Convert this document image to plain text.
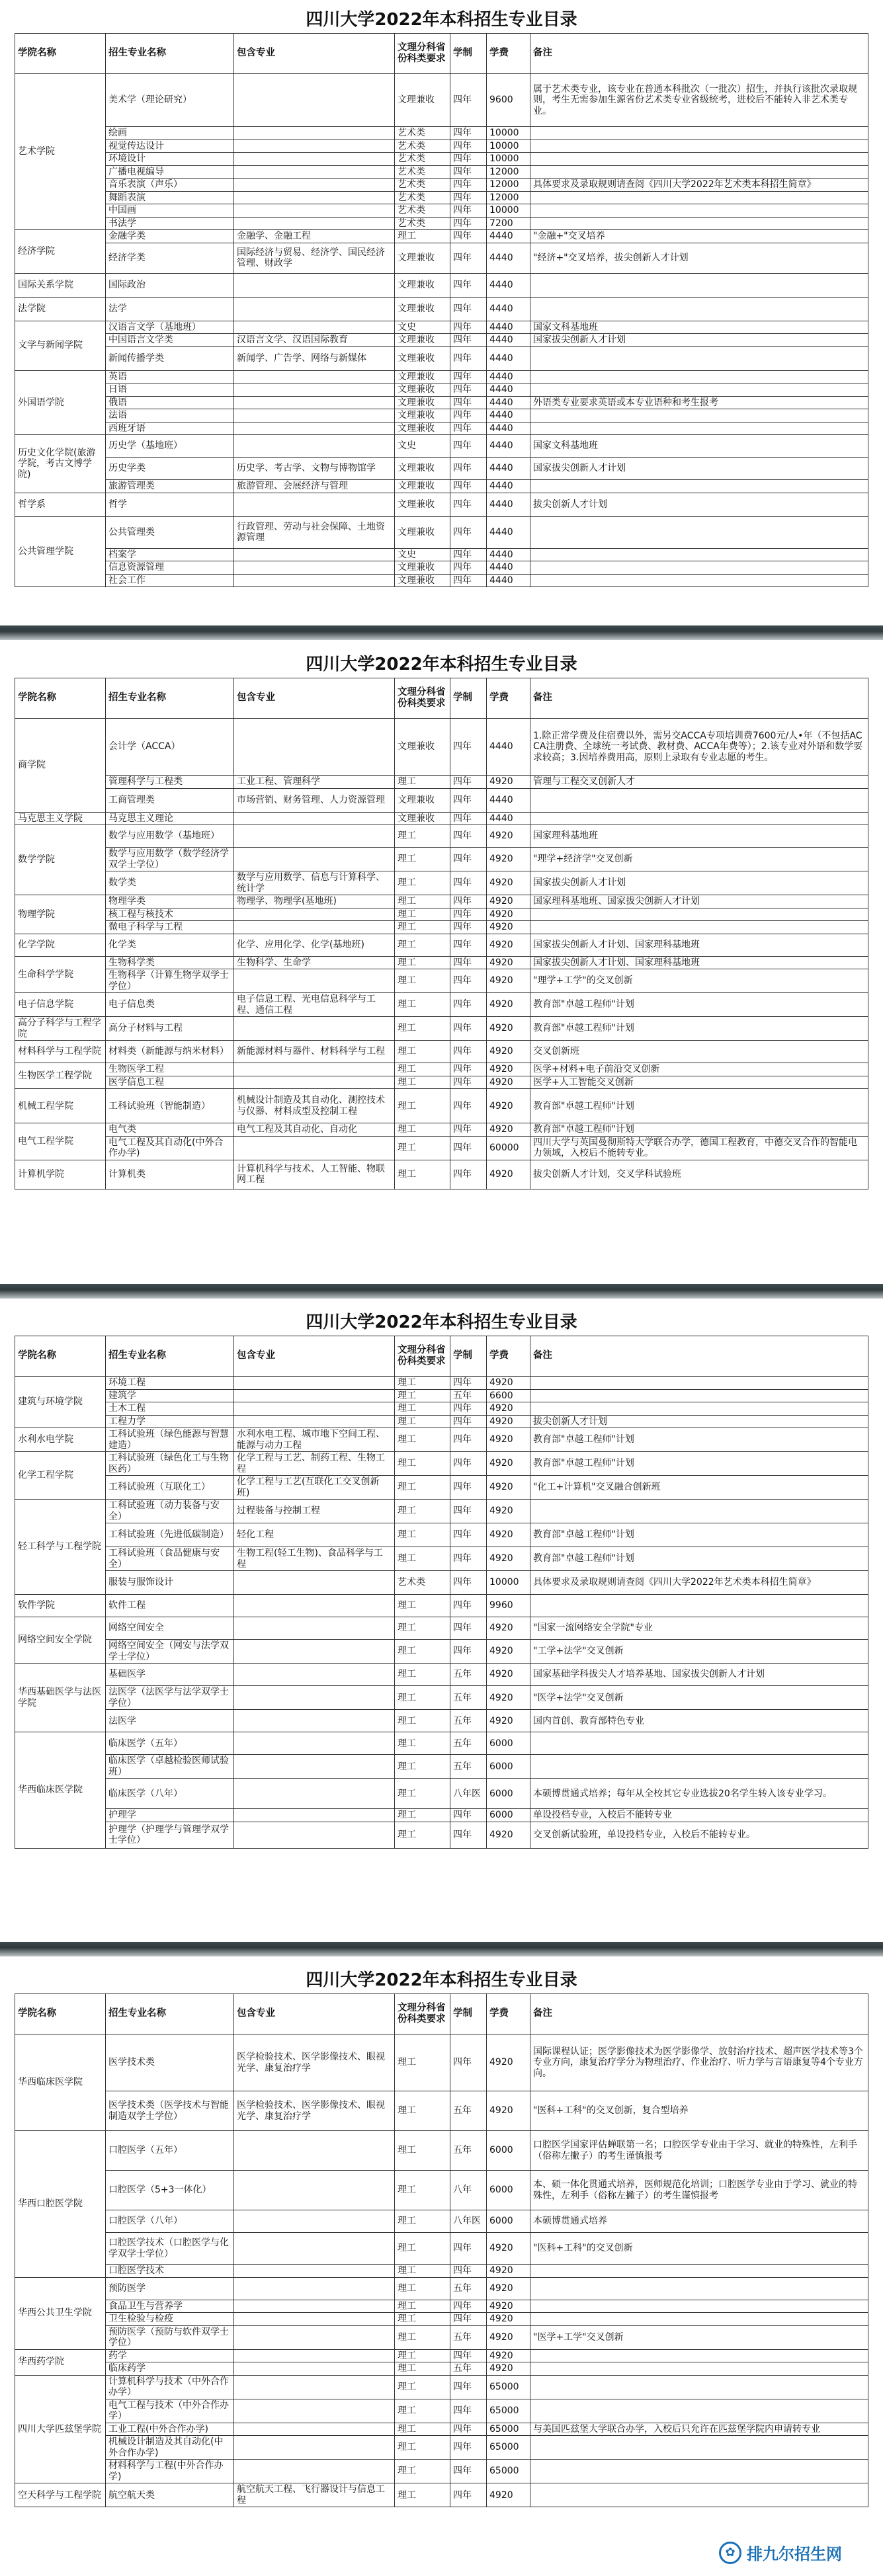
四川大学2022年本科招生专业目录
学院名称	招生专业名称	包含专业	文理分科省份科类要求	学制	学费	备注
艺术学院	美术学（理论研究）		文理兼收	四年	9600	属于艺术类专业，该专业在普通本科批次（一批次）招生，并执行该批次录取规则，考生无需参加生源省份艺术类专业省级统考，进校后不能转入非艺术类专业。
	绘画		艺术类	四年	10000	
	视觉传达设计		艺术类	四年	10000	
	环境设计		艺术类	四年	10000	
	广播电视编导		艺术类	四年	12000	
	音乐表演（声乐）		艺术类	四年	12000	具体要求及录取规则请查阅《四川大学2022年艺术类本科招生简章》
	舞蹈表演		艺术类	四年	12000	
	中国画		艺术类	四年	10000	
	书法学		艺术类	四年	7200	
经济学院	金融学类	金融学、金融工程	理工	四年	4440	"金融+"交叉培养
	经济学类	国际经济与贸易、经济学、国民经济管理、财政学	文理兼收	四年	4440	"经济+"交叉培养，拔尖创新人才计划
国际关系学院	国际政治		文理兼收	四年	4440	
法学院	法学		文理兼收	四年	4440	
文学与新闻学院	汉语言文学（基地班）		文史	四年	4440	国家文科基地班
	中国语言文学类	汉语言文学、汉语国际教育	文理兼收	四年	4440	国家拔尖创新人才计划
	新闻传播学类	新闻学、广告学、网络与新媒体	文理兼收	四年	4440	
外国语学院	英语		文理兼收	四年	4440	
	日语		文理兼收	四年	4440	
	俄语		文理兼收	四年	4440	外语类专业要求英语或本专业语种和考生报考
	法语		文理兼收	四年	4440	
	西班牙语		文理兼收	四年	4440	
历史文化学院(旅游学院，考古文博学院)	历史学（基地班）		文史	四年	4440	国家文科基地班
	历史学类	历史学、考古学、文物与博物馆学	文理兼收	四年	4440	国家拔尖创新人才计划
	旅游管理类	旅游管理、会展经济与管理	文理兼收	四年	4440	
哲学系	哲学		文理兼收	四年	4440	拔尖创新人才计划
公共管理学院	公共管理类	行政管理、劳动与社会保障、土地资源管理	文理兼收	四年	4440	
	档案学		文史	四年	4440	
	信息资源管理		文理兼收	四年	4440	
	社会工作		文理兼收	四年	4440	
四川大学2022年本科招生专业目录
学院名称	招生专业名称	包含专业	文理分科省份科类要求	学制	学费	备注
商学院	会计学（ACCA）		文理兼收	四年	4440	1.除正常学费及住宿费以外，需另交ACCA专项培训费7600元/人•年（不包括ACCA注册费、全球统一考试费、教材费、ACCA年费等）；2.该专业对外语和数学要求较高；3.因培养费用高，原则上录取有专业志愿的考生。
	管理科学与工程类	工业工程、管理科学	理工	四年	4920	管理与工程交叉创新人才
	工商管理类	市场营销、财务管理、人力资源管理	文理兼收	四年	4440	
马克思主义学院	马克思主义理论		文理兼收	四年	4440	
数学学院	数学与应用数学（基地班）		理工	四年	4920	国家理科基地班
	数学与应用数学（数学经济学双学士学位）		理工	四年	4920	"理学+经济学"交叉创新
	数学类	数学与应用数学、信息与计算科学、统计学	理工	四年	4920	国家拔尖创新人才计划
物理学院	物理学类	物理学、物理学(基地班)	理工	四年	4920	国家理科基地班、国家拔尖创新人才计划
	核工程与核技术		理工	四年	4920	
	微电子科学与工程		理工	四年	4920	
化学学院	化学类	化学、应用化学、化学(基地班)	理工	四年	4920	国家拔尖创新人才计划、国家理科基地班
生命科学学院	生物科学类	生物科学、生命学	理工	四年	4920	国家拔尖创新人才计划、国家理科基地班
	生物科学（计算生物学双学士学位）		理工	四年	4920	"理学+工学"的交叉创新
电子信息学院	电子信息类	电子信息工程、光电信息科学与工程、通信工程	理工	四年	4920	教育部"卓越工程师"计划
高分子科学与工程学院	高分子材料与工程		理工	四年	4920	教育部"卓越工程师"计划
材料科学与工程学院	材料类（新能源与纳米材料）	新能源材料与器件、材料科学与工程	理工	四年	4920	交叉创新班
生物医学工程学院	生物医学工程		理工	四年	4920	医学+材料+电子前沿交叉创新
	医学信息工程		理工	四年	4920	医学+人工智能交叉创新
机械工程学院	工科试验班（智能制造）	机械设计制造及其自动化、测控技术与仪器、材料成型及控制工程	理工	四年	4920	教育部"卓越工程师"计划
电气工程学院	电气类	电气工程及其自动化、自动化	理工	四年	4920	教育部"卓越工程师"计划
	电气工程及其自动化(中外合作办学)		理工	四年	60000	四川大学与英国曼彻斯特大学联合办学，德国工程教育，中德交叉合作的智能电力领域，入校后不能转专业。
计算机学院	计算机类	计算机科学与技术、人工智能、物联网工程	理工	四年	4920	拔尖创新人才计划，交叉学科试验班
四川大学2022年本科招生专业目录
学院名称	招生专业名称	包含专业	文理分科省份科类要求	学制	学费	备注
建筑与环境学院	环境工程		理工	四年	4920	
	建筑学		理工	五年	6600	
	土木工程		理工	四年	4920	
	工程力学		理工	四年	4920	拔尖创新人才计划
水利水电学院	工科试验班（绿色能源与智慧建造）	水利水电工程、城市地下空间工程、能源与动力工程	理工	四年	4920	教育部"卓越工程师"计划
化学工程学院	工科试验班（绿色化工与生物医药）	化学工程与工艺、制药工程、生物工程	理工	四年	4920	教育部"卓越工程师"计划
	工科试验班（互联化工）	化学工程与工艺(互联化工交叉创新班)	理工	四年	4920	"化工+计算机"交叉融合创新班
轻工科学与工程学院	工科试验班（动力装备与安全）	过程装备与控制工程	理工	四年	4920	
	工科试验班（先进低碳制造）	轻化工程	理工	四年	4920	教育部"卓越工程师"计划
	工科试验班（食品健康与安全）	生物工程(轻工生物)、食品科学与工程	理工	四年	4920	教育部"卓越工程师"计划
	服装与服饰设计		艺术类	四年	10000	具体要求及录取规则请查阅《四川大学2022年艺术类本科招生简章》
软件学院	软件工程		理工	四年	9960	
网络空间安全学院	网络空间安全		理工	四年	4920	"国家一流网络安全学院"专业
	网络空间安全（网安与法学双学士学位）		理工	四年	4920	"工学+法学"交叉创新
华西基础医学与法医学院	基础医学		理工	五年	4920	国家基础学科拔尖人才培养基地、国家拔尖创新人才计划
	法医学（法医学与法学双学士学位）		理工	五年	4920	"医学+法学"交叉创新
	法医学		理工	五年	4920	国内首创、教育部特色专业
华西临床医学院	临床医学（五年）		理工	五年	6000	
	临床医学（卓越检验医师试验班）		理工	五年	6000	
	临床医学（八年）		理工	八年医	6000	本硕博贯通式培养；每年从全校其它专业选拔20名学生转入该专业学习。
	护理学		理工	四年	6000	单设投档专业，入校后不能转专业
	护理学（护理学与管理学双学士学位）		理工	四年	4920	交叉创新试验班，单设投档专业，入校后不能转专业。
四川大学2022年本科招生专业目录
学院名称	招生专业名称	包含专业	文理分科省份科类要求	学制	学费	备注
华西临床医学院	医学技术类	医学检验技术、医学影像技术、眼视光学、康复治疗学	理工	四年	4920	国际课程认证；医学影像技术为医学影像学、放射治疗技术、超声医学技术等3个专业方向，康复治疗学分为物理治疗、作业治疗、听力学与言语康复等4个专业方向。
	医学技术类（医学技术与智能制造双学士学位）	医学检验技术、医学影像技术、眼视光学、康复治疗学	理工	五年	4920	"医科+工科"的交叉创新，复合型培养
华西口腔医学院	口腔医学（五年）		理工	五年	6000	口腔医学国家评估蝉联第一名；口腔医学专业由于学习、就业的特殊性，左利手（俗称左撇子）的考生谨慎报考
	口腔医学（5+3一体化）		理工	八年	6000	本、硕一体化贯通式培养，医师规范化培训；口腔医学专业由于学习、就业的特殊性，左利手（俗称左撇子）的考生谨慎报考
	口腔医学（八年）		理工	八年医	6000	本硕博贯通式培养
	口腔医学技术（口腔医学与化学双学士学位）		理工	四年	4920	"医科+工科"的交叉创新
	口腔医学技术		理工	四年	4920	
华西公共卫生学院	预防医学		理工	五年	4920	
	食品卫生与营养学		理工	四年	4920	
	卫生检验与检疫		理工	四年	4920	
	预防医学（预防与软件双学士学位）		理工	五年	4920	"医学+工学"交叉创新
华西药学院	药学		理工	四年	4920	
	临床药学		理工	五年	4920	
四川大学匹兹堡学院	计算机科学与技术（中外合作办学）		理工	四年	65000	
	电气工程与技术（中外合作办学）		理工	四年	65000	
	工业工程(中外合作办学)		理工	四年	65000	与美国匹兹堡大学联合办学，入校后只允许在匹兹堡学院内申请转专业
	机械设计制造及其自动化(中外合作办学)		理工	四年	65000	
	材料科学与工程(中外合作办学)		理工	四年	65000	
空天科学与工程学院	航空航天类	航空航天工程、飞行器设计与信息工程	理工	四年	4920	
✿ 排九尔招生网
